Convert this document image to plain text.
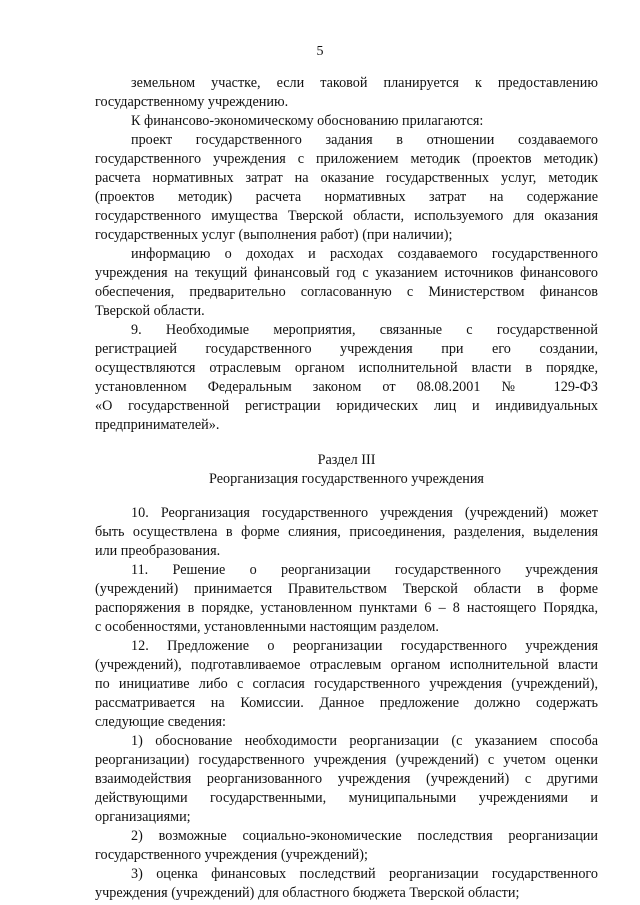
5
земельном участке, если таковой планируется к предоставлению
государственному учреждению.
К финансово-экономическому обоснованию прилагаются:
проект государственного задания в отношении создаваемого
государственного учреждения с приложением методик (проектов методик)
расчета нормативных затрат на оказание государственных услуг, методик
(проектов методик) расчета нормативных затрат на содержание
государственного имущества Тверской области, используемого для оказания
государственных услуг (выполнения работ) (при наличии);
информацию о доходах и расходах создаваемого государственного
учреждения на текущий финансовый год с указанием источников финансового
обеспечения, предварительно согласованную с Министерством финансов
Тверской области.
9. Необходимые мероприятия, связанные с государственной
регистрацией государственного учреждения при его создании,
осуществляются отраслевым органом исполнительной власти в порядке,
установленном Федеральным законом от 08.08.2001 № 129-ФЗ
«О государственной регистрации юридических лиц и индивидуальных
предпринимателей».
Раздел III
Реорганизация государственного учреждения
10. Реорганизация государственного учреждения (учреждений) может
быть осуществлена в форме слияния, присоединения, разделения, выделения
или преобразования.
11. Решение о реорганизации государственного учреждения
(учреждений) принимается Правительством Тверской области в форме
распоряжения в порядке, установленном пунктами 6 – 8 настоящего Порядка,
с особенностями, установленными настоящим разделом.
12. Предложение о реорганизации государственного учреждения
(учреждений), подготавливаемое отраслевым органом исполнительной власти
по инициативе либо с согласия государственного учреждения (учреждений),
рассматривается на Комиссии. Данное предложение должно содержать
следующие сведения:
1) обоснование необходимости реорганизации (с указанием способа
реорганизации) государственного учреждения (учреждений) с учетом оценки
взаимодействия реорганизованного учреждения (учреждений) с другими
действующими государственными, муниципальными учреждениями и
организациями;
2) возможные социально-экономические последствия реорганизации
государственного учреждения (учреждений);
3) оценка финансовых последствий реорганизации государственного
учреждения (учреждений) для областного бюджета Тверской области;
